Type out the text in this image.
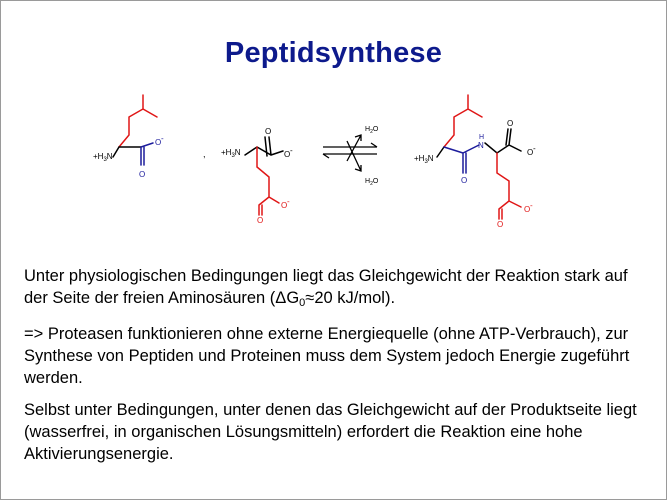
Peptidsynthese
$+H_3N$
O -
O
, $+H_3N$
O
O -
O
O -
$H_2O$
$H_2O$
$+H_3N$
H
N
O
O
O -
O
O -

Unter physiologischen Bedingungen liegt das Gleichgewicht der Reaktion stark auf der Seite der freien Aminosäuren ($\Delta G_0\approx 20$ kJ/mol).

=> Proteasen funktionieren ohne externe Energiequelle (ohne ATP-Verbrauch), zur Synthese von Peptiden und Proteinen muss dem System jedoch Energie zugeführt werden.

Selbst unter Bedingungen, unter denen das Gleichgewicht auf der Produktseite liegt (wasserfrei, in organischen Lösungsmitteln) erfordert die Reaktion eine hohe Aktivierungsenergie.
